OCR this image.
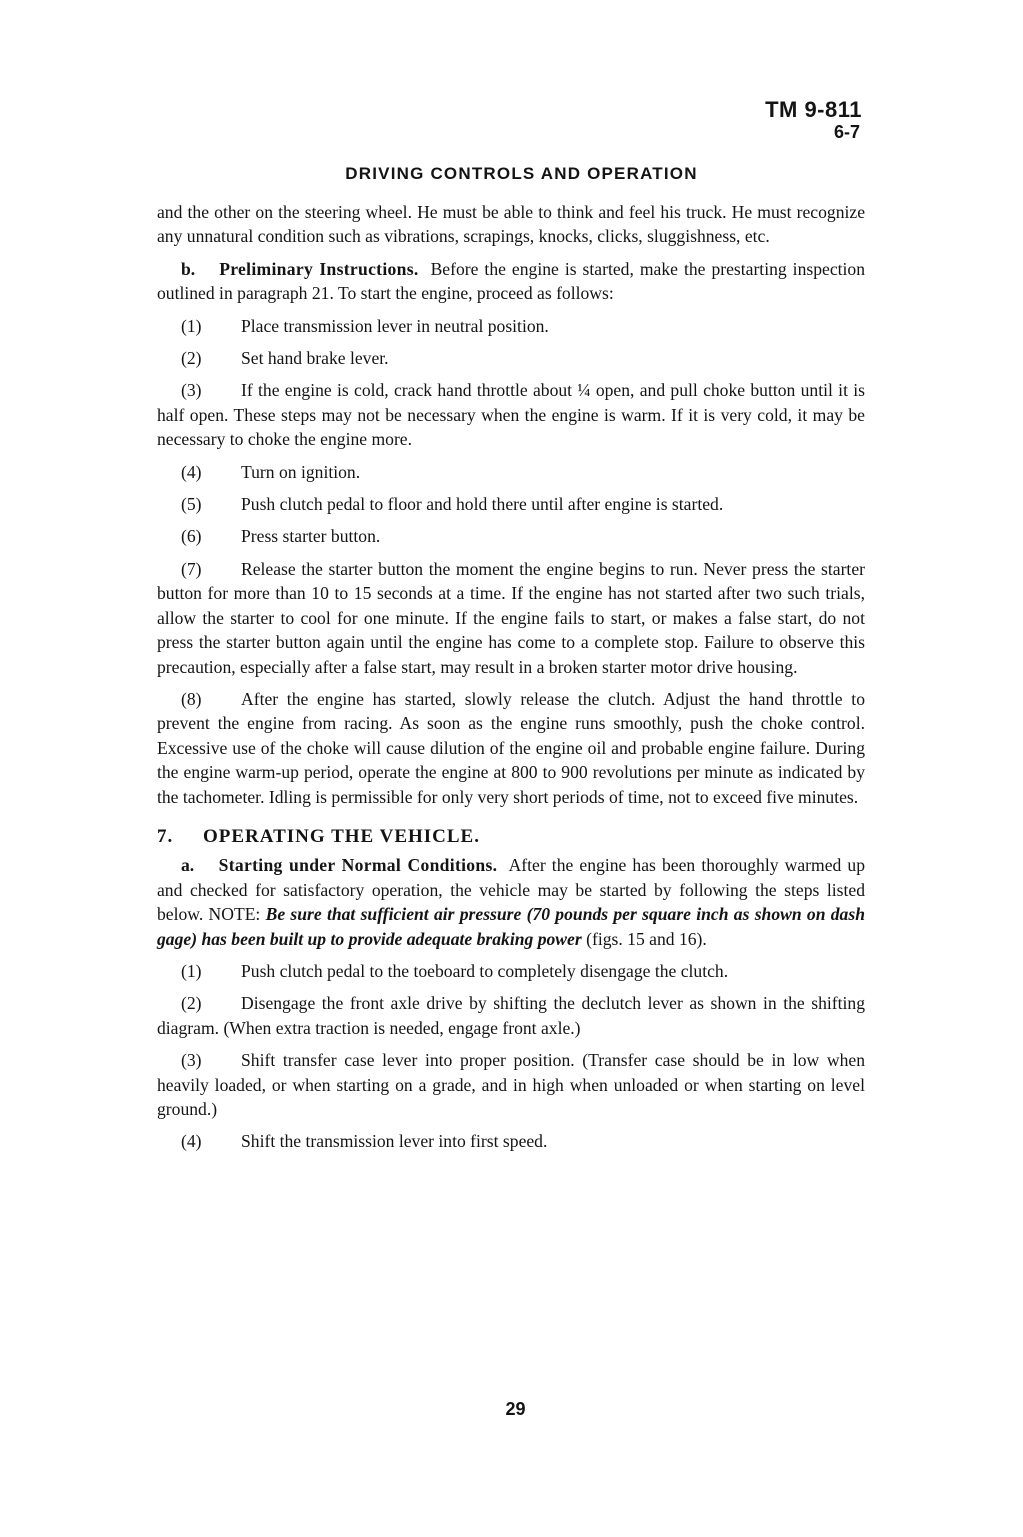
TM 9-811
6-7
DRIVING CONTROLS AND OPERATION

and the other on the steering wheel. He must be able to think and feel his truck. He must recognize any unnatural condition such as vibrations, scrapings, knocks, clicks, sluggishness, etc.

b. Preliminary Instructions. Before the engine is started, make the prestarting inspection outlined in paragraph 21. To start the engine, proceed as follows:

(1) Place transmission lever in neutral position.

(2) Set hand brake lever.

(3) If the engine is cold, crack hand throttle about ¼ open, and pull choke button until it is half open. These steps may not be necessary when the engine is warm. If it is very cold, it may be necessary to choke the engine more.

(4) Turn on ignition.

(5) Push clutch pedal to floor and hold there until after engine is started.

(6) Press starter button.

(7) Release the starter button the moment the engine begins to run. Never press the starter button for more than 10 to 15 seconds at a time. If the engine has not started after two such trials, allow the starter to cool for one minute. If the engine fails to start, or makes a false start, do not press the starter button again until the engine has come to a complete stop. Failure to observe this precaution, especially after a false start, may result in a broken starter motor drive housing.

(8) After the engine has started, slowly release the clutch. Adjust the hand throttle to prevent the engine from racing. As soon as the engine runs smoothly, push the choke control. Excessive use of the choke will cause dilution of the engine oil and probable engine failure. During the engine warm-up period, operate the engine at 800 to 900 revolutions per minute as indicated by the tachometer. Idling is permissible for only very short periods of time, not to exceed five minutes.

7. OPERATING THE VEHICLE.

a. Starting under Normal Conditions. After the engine has been thoroughly warmed up and checked for satisfactory operation, the vehicle may be started by following the steps listed below. NOTE: Be sure that sufficient air pressure (70 pounds per square inch as shown on dash gage) has been built up to provide adequate braking power (figs. 15 and 16).

(1) Push clutch pedal to the toeboard to completely disengage the clutch.

(2) Disengage the front axle drive by shifting the declutch lever as shown in the shifting diagram. (When extra traction is needed, engage front axle.)

(3) Shift transfer case lever into proper position. (Transfer case should be in low when heavily loaded, or when starting on a grade, and in high when unloaded or when starting on level ground.)

(4) Shift the transmission lever into first speed.

29
